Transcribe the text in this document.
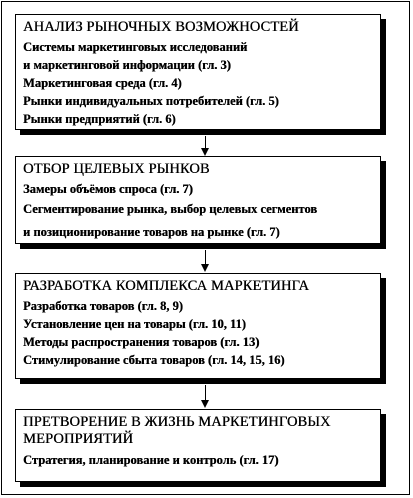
АНАЛИЗ РЫНОЧНЫХ ВОЗМОЖНОСТЕЙ
Системы маркетинговых исследований
и маркетинговой информации (гл. 3)
Маркетинговая среда (гл. 4)
Рынки индивидуальных потребителей (гл. 5)
Рынки предприятий (гл. 6)
ОТБОР ЦЕЛЕВЫХ РЫНКОВ
Замеры объёмов спроса (гл. 7)
Сегментирование рынка, выбор целевых сегментов
и позиционирование товаров на рынке (гл. 7)
РАЗРАБОТКА КОМПЛЕКСА МАРКЕТИНГА
Разработка товаров (гл. 8, 9)
Установление цен на товары (гл. 10, 11)
Методы распространения товаров (гл. 13)
Стимулирование сбыта товаров (гл. 14, 15, 16)
ПРЕТВОРЕНИЕ В ЖИЗНЬ МАРКЕТИНГОВЫХ МЕРОПРИЯТИЙ
Стратегия, планирование и контроль (гл. 17)
